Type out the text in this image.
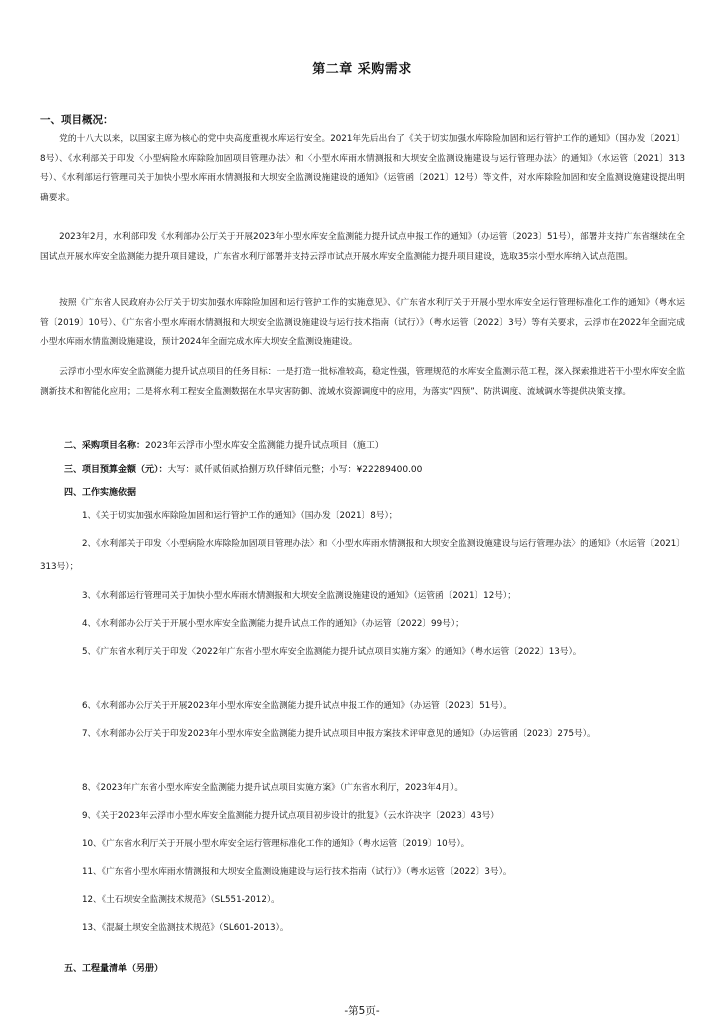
第二章 采购需求
一、项目概况：

党的十八大以来，以国家主席为核心的党中央高度重视水库运行安全。2021年先后出台了《关于切实加强水库除险加固和运行管护工作的通知》（国办发〔2021〕8号）、《水利部关于印发〈小型病险水库除险加固项目管理办法〉和〈小型水库雨水情测报和大坝安全监测设施建设与运行管理办法〉的通知》（水运管〔2021〕313号）、《水利部运行管理司关于加快小型水库雨水情测报和大坝安全监测设施建设的通知》（运管函〔2021〕12号）等文件，对水库除险加固和安全监测设施建设提出明确要求。

2023年2月，水利部印发《水利部办公厅关于开展2023年小型水库安全监测能力提升试点申报工作的通知》（办运管〔2023〕51号），部署并支持广东省继续在全国试点开展水库安全监测能力提升项目建设，广东省水利厅部署并支持云浮市试点开展水库安全监测能力提升项目建设，选取35宗小型水库纳入试点范围。

按照《广东省人民政府办公厅关于切实加强水库除险加固和运行管护工作的实施意见》、《广东省水利厅关于开展小型水库安全运行管理标准化工作的通知》（粤水运管〔2019〕10号）、《广东省小型水库雨水情测报和大坝安全监测设施建设与运行技术指南（试行）》（粤水运管〔2022〕3号）等有关要求，云浮市在2022年全面完成小型水库雨水情监测设施建设，预计2024年全面完成水库大坝安全监测设施建设。

云浮市小型水库安全监测能力提升试点项目的任务目标：一是打造一批标准较高，稳定性强，管理规范的水库安全监测示范工程，深入探索推进若干小型水库安全监测新技术和智能化应用；二是将水利工程安全监测数据在水旱灾害防御、流域水资源调度中的应用，为落实“四预”、防洪调度、流域调水等提供决策支撑。

二、采购项目名称：2023年云浮市小型水库安全监测能力提升试点项目（施工）

三、项目预算金额（元）：大写：贰仟贰佰贰拾捌万玖仟肆佰元整；小写：¥22289400.00

四、工作实施依据

1、《关于切实加强水库除险加固和运行管护工作的通知》（国办发〔2021〕8号）；

2、《水利部关于印发〈小型病险水库除险加固项目管理办法〉和〈小型水库雨水情测报和大坝安全监测设施建设与运行管理办法〉的通知》（水运管〔2021〕313号）；

3、《水利部运行管理司关于加快小型水库雨水情测报和大坝安全监测设施建设的通知》（运管函〔2021〕12号）；

4、《水利部办公厅关于开展小型水库安全监测能力提升试点工作的通知》（办运管〔2022〕99号）；

5、《广东省水利厅关于印发〈2022年广东省小型水库安全监测能力提升试点项目实施方案〉的通知》（粤水运管〔2022〕13号）。

6、《水利部办公厅关于开展2023年小型水库安全监测能力提升试点申报工作的通知》（办运管〔2023〕51号）。

7、《水利部办公厅关于印发2023年小型水库安全监测能力提升试点项目申报方案技术评审意见的通知》（办运管函〔2023〕275号）。

8、《2023年广东省小型水库安全监测能力提升试点项目实施方案》（广东省水利厅，2023年4月）。

9、《关于2023年云浮市小型水库安全监测能力提升试点项目初步设计的批复》（云水许决字〔2023〕43号）

10、《广东省水利厅关于开展小型水库安全运行管理标准化工作的通知》（粤水运管〔2019〕10号）。

11、《广东省小型水库雨水情测报和大坝安全监测设施建设与运行技术指南（试行）》（粤水运管〔2022〕3号）。

12、《土石坝安全监测技术规范》（SL551-2012）。

13、《混凝土坝安全监测技术规范》（SL601-2013）。

五、工程量清单（另册）

-第5页-
